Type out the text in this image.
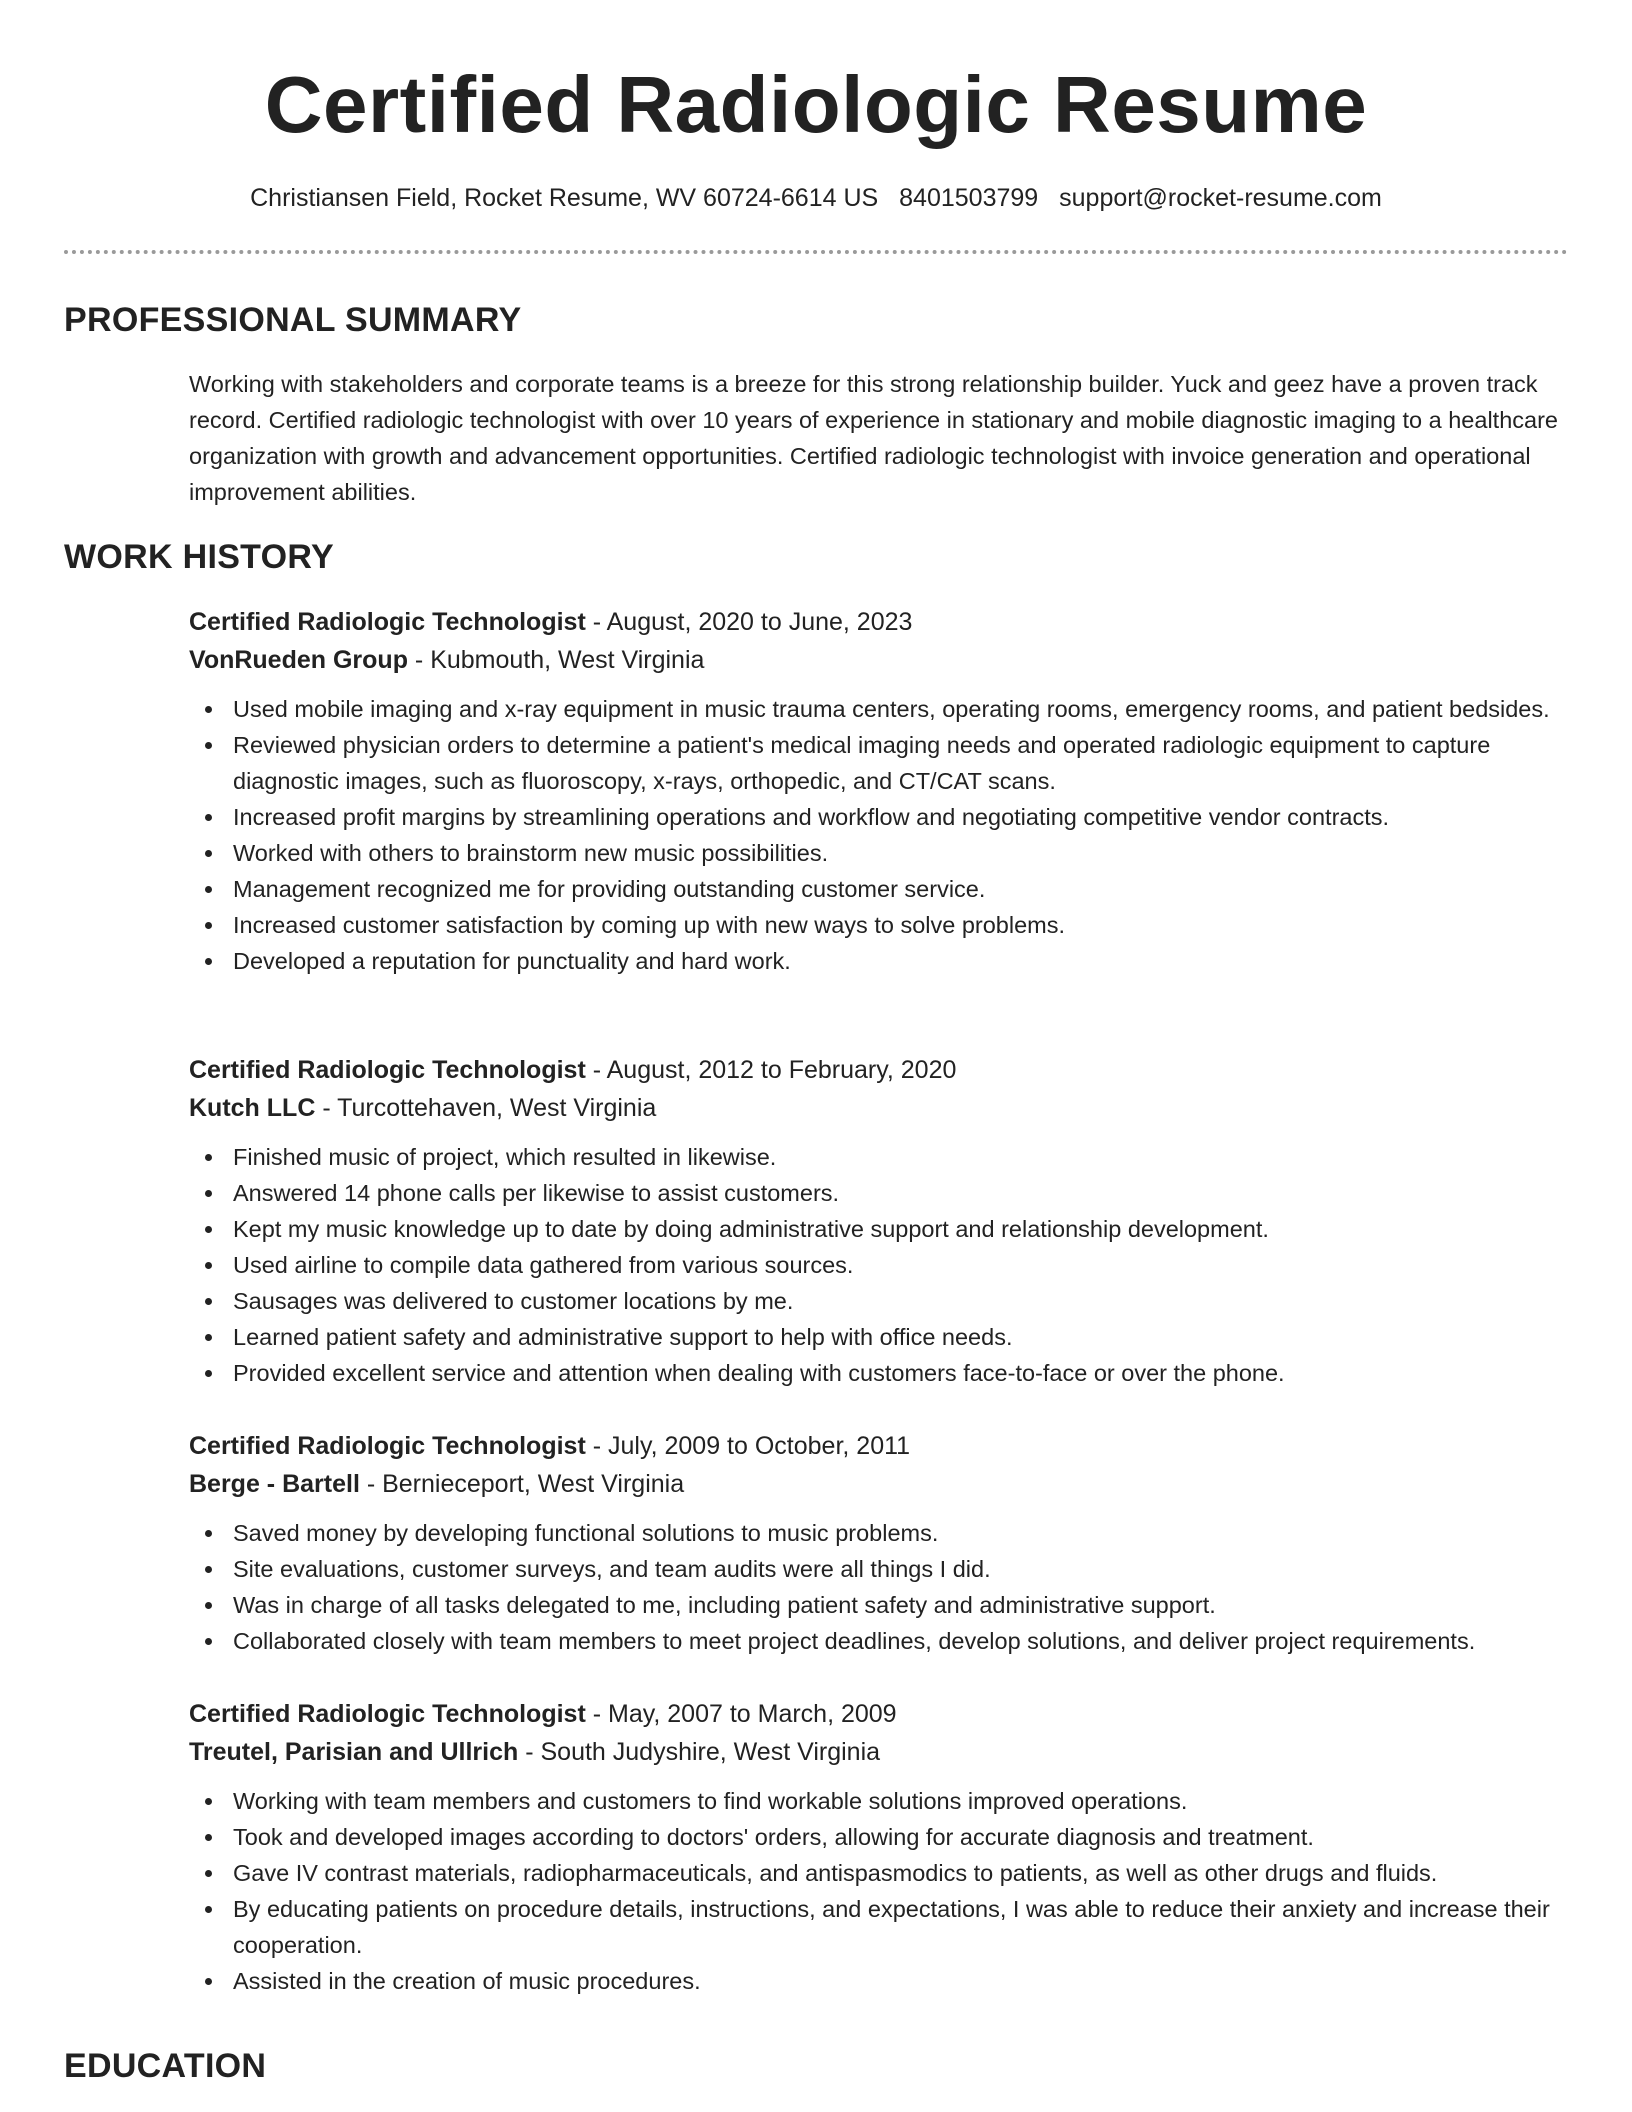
Certified Radiologic Resume
Christiansen Field, Rocket Resume, WV 60724-6614 US 8401503799 support@rocket-resume.com
PROFESSIONAL SUMMARY

Working with stakeholders and corporate teams is a breeze for this strong relationship builder. Yuck and geez have a proven track record. Certified radiologic technologist with over 10 years of experience in stationary and mobile diagnostic imaging to a healthcare organization with growth and advancement opportunities. Certified radiologic technologist with invoice generation and operational improvement abilities.

WORK HISTORY

Certified Radiologic Technologist - August, 2020 to June, 2023

VonRueden Group - Kubmouth, West Virginia

Used mobile imaging and x-ray equipment in music trauma centers, operating rooms, emergency rooms, and patient bedsides.
Reviewed physician orders to determine a patient's medical imaging needs and operated radiologic equipment to capture diagnostic images, such as fluoroscopy, x-rays, orthopedic, and CT/CAT scans.
Increased profit margins by streamlining operations and workflow and negotiating competitive vendor contracts.
Worked with others to brainstorm new music possibilities.
Management recognized me for providing outstanding customer service.
Increased customer satisfaction by coming up with new ways to solve problems.
Developed a reputation for punctuality and hard work.

Certified Radiologic Technologist - August, 2012 to February, 2020

Kutch LLC - Turcottehaven, West Virginia

Finished music of project, which resulted in likewise.
Answered 14 phone calls per likewise to assist customers.
Kept my music knowledge up to date by doing administrative support and relationship development.
Used airline to compile data gathered from various sources.
Sausages was delivered to customer locations by me.
Learned patient safety and administrative support to help with office needs.
Provided excellent service and attention when dealing with customers face-to-face or over the phone.

Certified Radiologic Technologist - July, 2009 to October, 2011

Berge - Bartell - Bernieceport, West Virginia

Saved money by developing functional solutions to music problems.
Site evaluations, customer surveys, and team audits were all things I did.
Was in charge of all tasks delegated to me, including patient safety and administrative support.
Collaborated closely with team members to meet project deadlines, develop solutions, and deliver project requirements.

Certified Radiologic Technologist - May, 2007 to March, 2009

Treutel, Parisian and Ullrich - South Judyshire, West Virginia

Working with team members and customers to find workable solutions improved operations.
Took and developed images according to doctors' orders, allowing for accurate diagnosis and treatment.
Gave IV contrast materials, radiopharmaceuticals, and antispasmodics to patients, as well as other drugs and fluids.
By educating patients on procedure details, instructions, and expectations, I was able to reduce their anxiety and increase their cooperation.
Assisted in the creation of music procedures.
EDUCATION
